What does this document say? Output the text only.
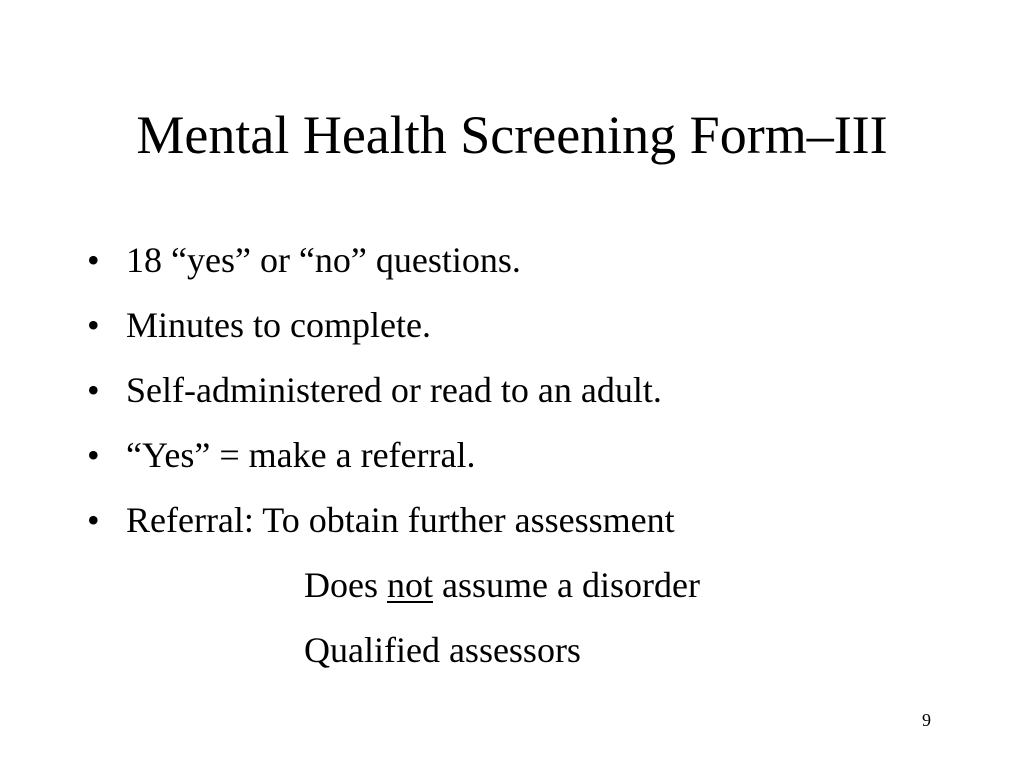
Mental Health Screening Form–III
• 18 “yes” or “no” questions.
• Minutes to complete.
• Self-administered or read to an adult.
• “Yes” = make a referral.
• Referral: To obtain further assessment
Does not assume a disorder
Qualified assessors
9
